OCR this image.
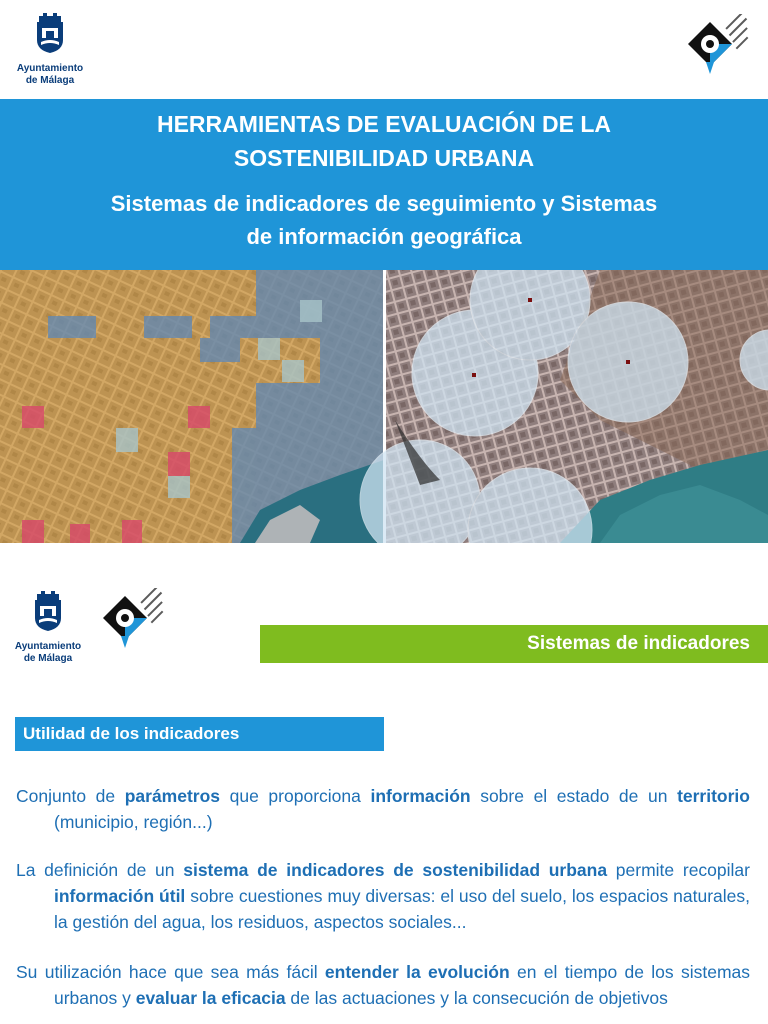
Ayuntamiento
de Málaga
HERRAMIENTAS DE EVALUACIÓN DE LA SOSTENIBILIDAD URBANA
Sistemas de indicadores de seguimiento y Sistemas de información geográfica
Ayuntamiento
de Málaga
Sistemas de indicadores
Utilidad de los indicadores
Conjunto de parámetros que proporciona información sobre el estado de un territorio (municipio, región...)
La definición de un sistema de indicadores de sostenibilidad urbana permite recopilar información útil sobre cuestiones muy diversas: el uso del suelo, los espacios naturales, la gestión del agua, los residuos, aspectos sociales...
Su utilización hace que sea más fácil entender la evolución en el tiempo de los sistemas urbanos y evaluar la eficacia de las actuaciones y la consecución de objetivos
